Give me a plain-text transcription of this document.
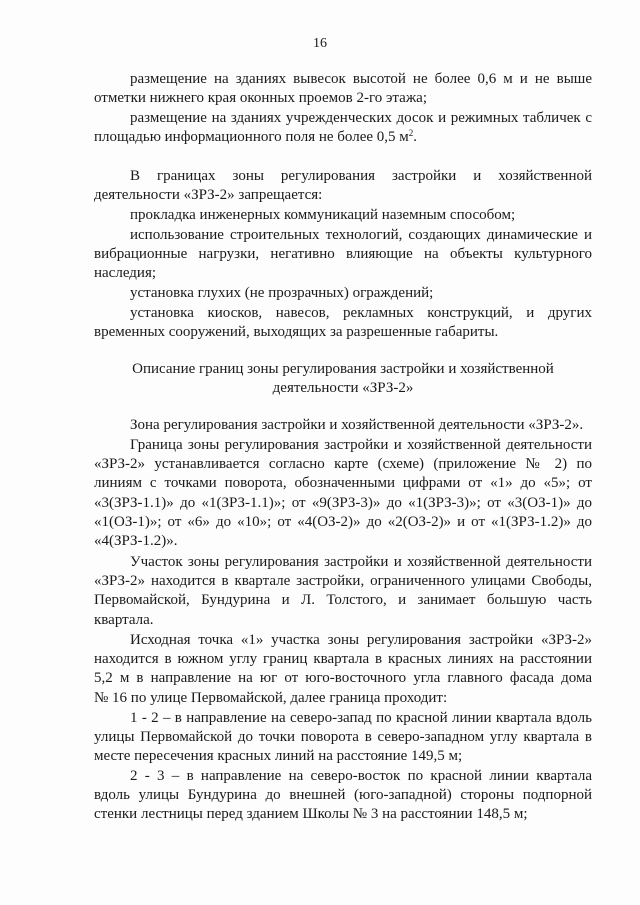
16
размещение на зданиях вывесок высотой не более 0,6 м и не выше
отметки нижнего края оконных проемов 2-го этажа;
размещение на зданиях учрежденческих досок и режимных табличек с
площадью информационного поля не более 0,5 $м^2$.
В границах зоны регулирования застройки и хозяйственной
деятельности «ЗРЗ-2» запрещается:
прокладка инженерных коммуникаций наземным способом;
использование строительных технологий, создающих динамические и
вибрационные нагрузки, негативно влияющие на объекты культурного
наследия;
установка глухих (не прозрачных) ограждений;
установка киосков, навесов, рекламных конструкций, и других
временных сооружений, выходящих за разрешенные габариты.
Описание границ зоны регулирования застройки и хозяйственной
деятельности «ЗРЗ-2»
Зона регулирования застройки и хозяйственной деятельности «ЗРЗ-2».
Граница зоны регулирования застройки и хозяйственной деятельности
«ЗРЗ-2» устанавливается согласно карте (схеме) (приложение № 2) по
линиям с точками поворота, обозначенными цифрами от «1» до «5»; от
«3(ЗРЗ-1.1)» до «1(ЗРЗ-1.1)»; от «9(ЗРЗ-3)» до «1(ЗРЗ-3)»; от «3(ОЗ-1)» до
«1(ОЗ-1)»; от «6» до «10»; от «4(ОЗ-2)» до «2(ОЗ-2)» и от «1(ЗРЗ-1.2)» до
«4(ЗРЗ-1.2)».
Участок зоны регулирования застройки и хозяйственной деятельности
«ЗРЗ-2» находится в квартале застройки, ограниченного улицами Свободы,
Первомайской, Бундурина и Л. Толстого, и занимает большую часть
квартала.
Исходная точка «1» участка зоны регулирования застройки «ЗРЗ-2»
находится в южном углу границ квартала в красных линиях на расстоянии
5,2 м в направление на юг от юго-восточного угла главного фасада дома
№ 16 по улице Первомайской, далее граница проходит:
1 - 2 – в направление на северо-запад по красной линии квартала вдоль
улицы Первомайской до точки поворота в северо-западном углу квартала в
месте пересечения красных линий на расстояние 149,5 м;
2 - 3 – в направление на северо-восток по красной линии квартала
вдоль улицы Бундурина до внешней (юго-западной) стороны подпорной
стенки лестницы перед зданием Школы № 3 на расстоянии 148,5 м;
